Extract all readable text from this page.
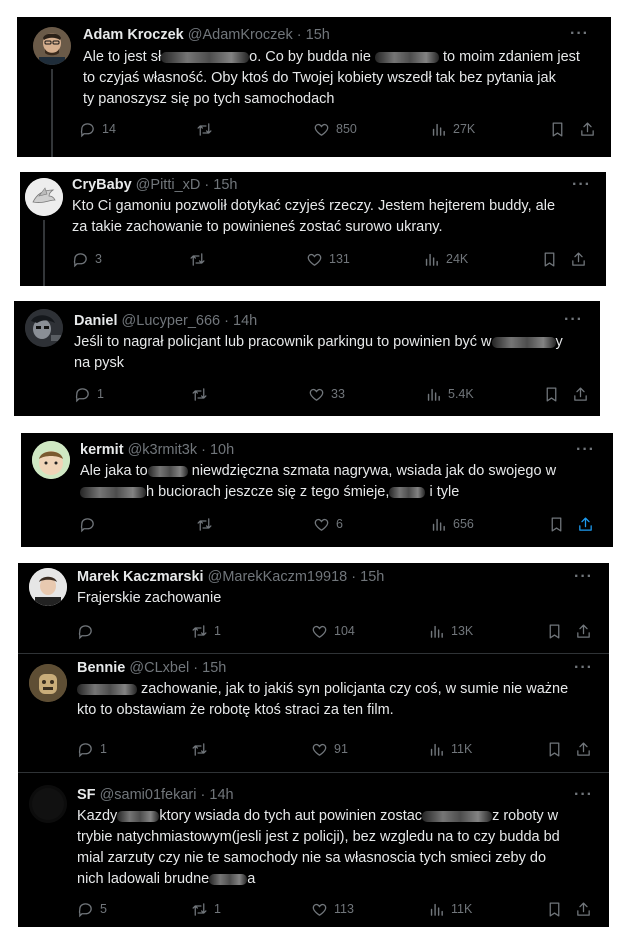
Adam Kroczek @AdamKroczek · 15h	···
Ale to jest sł	o. Co by budda nie	to moim zdaniem jest
to czyjaś własność. Oby ktoś do Twojej kobiety wszedł tak bez pytania jak
ty panoszysz się po tych samochodach
14	850	27K
CryBaby @Pitti_xD · 15h	···
Kto Ci gamoniu pozwolił dotykać czyjeś rzeczy. Jestem hejterem buddy, ale
za takie zachowanie to powinieneś zostać surowo ukrany.
3	131	24K
Daniel @Lucyper_666 · 14h	···
Jeśli to nagrał policjant lub pracownik parkingu to powinien być w	y
na pysk
1	33	5.4K
kermit @k3rmit3k · 10h	···
Ale jaka to	niewdzięczna szmata nagrywa, wsiada jak do swojego w
h buciorach jeszcze się z tego śmieje,	i tyle
6	656
Marek Kaczmarski @MarekKaczm19918 · 15h	···
Frajerskie zachowanie
1	104	13K
Bennie @CLxbel · 15h	···
zachowanie, jak to jakiś syn policjanta czy coś, w sumie nie ważne
kto to obstawiam że robotę ktoś straci za ten film.
1	91	11K
SF @sami01fekari · 14h	···
Kazdy	ktory wsiada do tych aut powinien zostac	z roboty w
trybie natychmiastowym(jesli jest z policji), bez wzgledu na to czy budda bd
mial zarzuty czy nie te samochody nie sa własnoscia tych smieci zeby do
nich ladowali brudne	a
5	1	113	11K
